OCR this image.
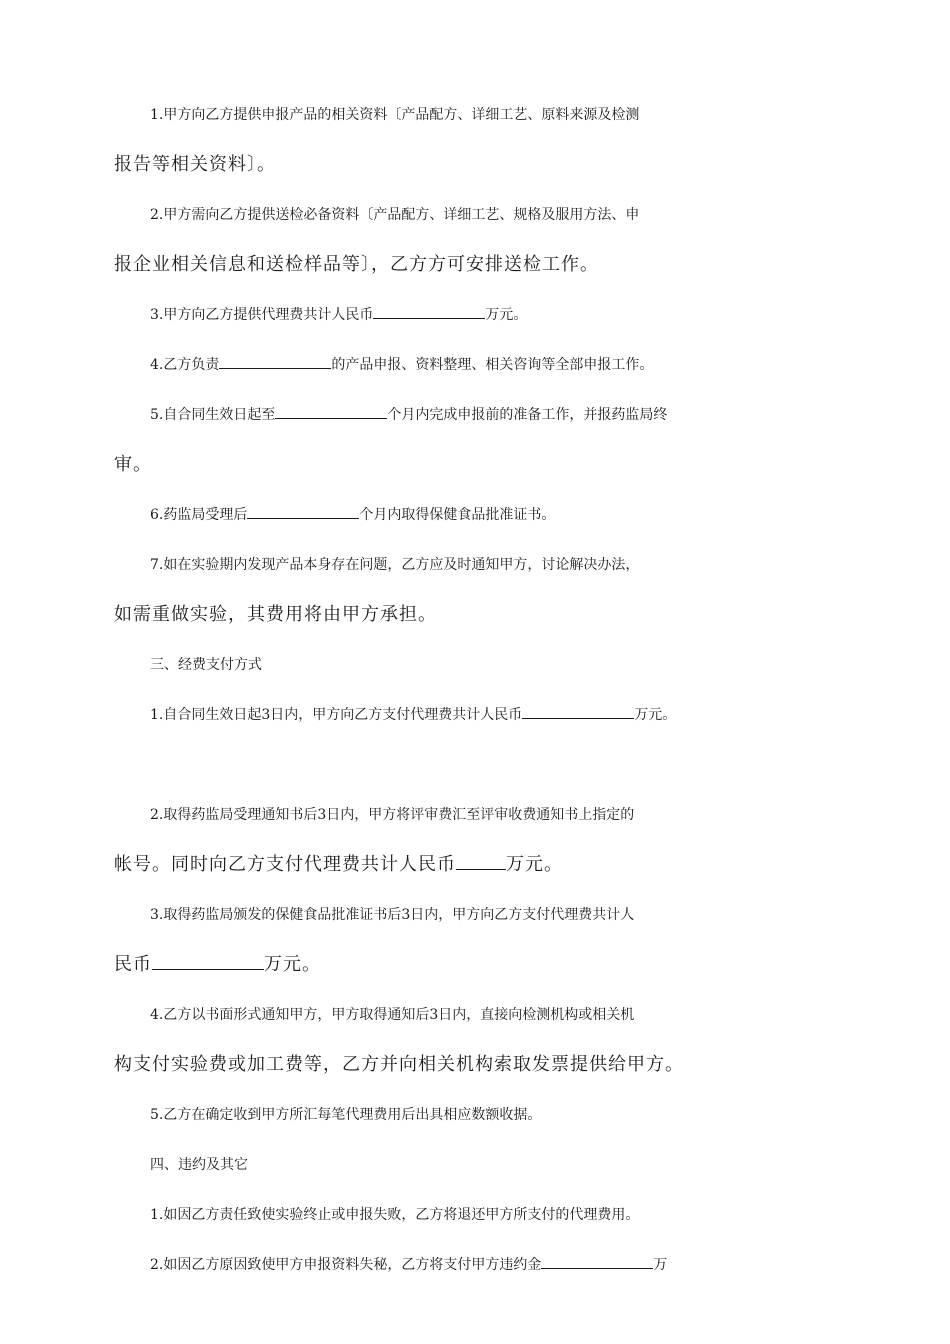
1.甲方向乙方提供申报产品的相关资料〔产品配方、详细工艺、原料来源及检测

报告等相关资料〕。

2.甲方需向乙方提供送检必备资料〔产品配方、详细工艺、规格及服用方法、申

报企业相关信息和送检样品等〕，乙方方可安排送检工作。

3.甲方向乙方提供代理费共计人民币	万元。

4.乙方负责	的产品申报、资料整理、相关咨询等全部申报工作。

5.自合同生效日起至	个月内完成申报前的准备工作，并报药监局终

审。

6.药监局受理后	个月内取得保健食品批准证书。

7.如在实验期内发现产品本身存在问题，乙方应及时通知甲方，讨论解决办法，

如需重做实验，其费用将由甲方承担。

三、经费支付方式

1.自合同生效日起3日内，甲方向乙方支付代理费共计人民币	万元。

2.取得药监局受理通知书后3日内，甲方将评审费汇至评审收费通知书上指定的

帐号。同时向乙方支付代理费共计人民币	万元。

3.取得药监局颁发的保健食品批准证书后3日内，甲方向乙方支付代理费共计人

民币	万元。

4.乙方以书面形式通知甲方，甲方取得通知后3日内，直接向检测机构或相关机

构支付实验费或加工费等，乙方并向相关机构索取发票提供给甲方。

5.乙方在确定收到甲方所汇每笔代理费用后出具相应数额收据。

四、违约及其它

1.如因乙方责任致使实验终止或申报失败，乙方将退还甲方所支付的代理费用。

2.如因乙方原因致使甲方申报资料失秘，乙方将支付甲方违约金	万
